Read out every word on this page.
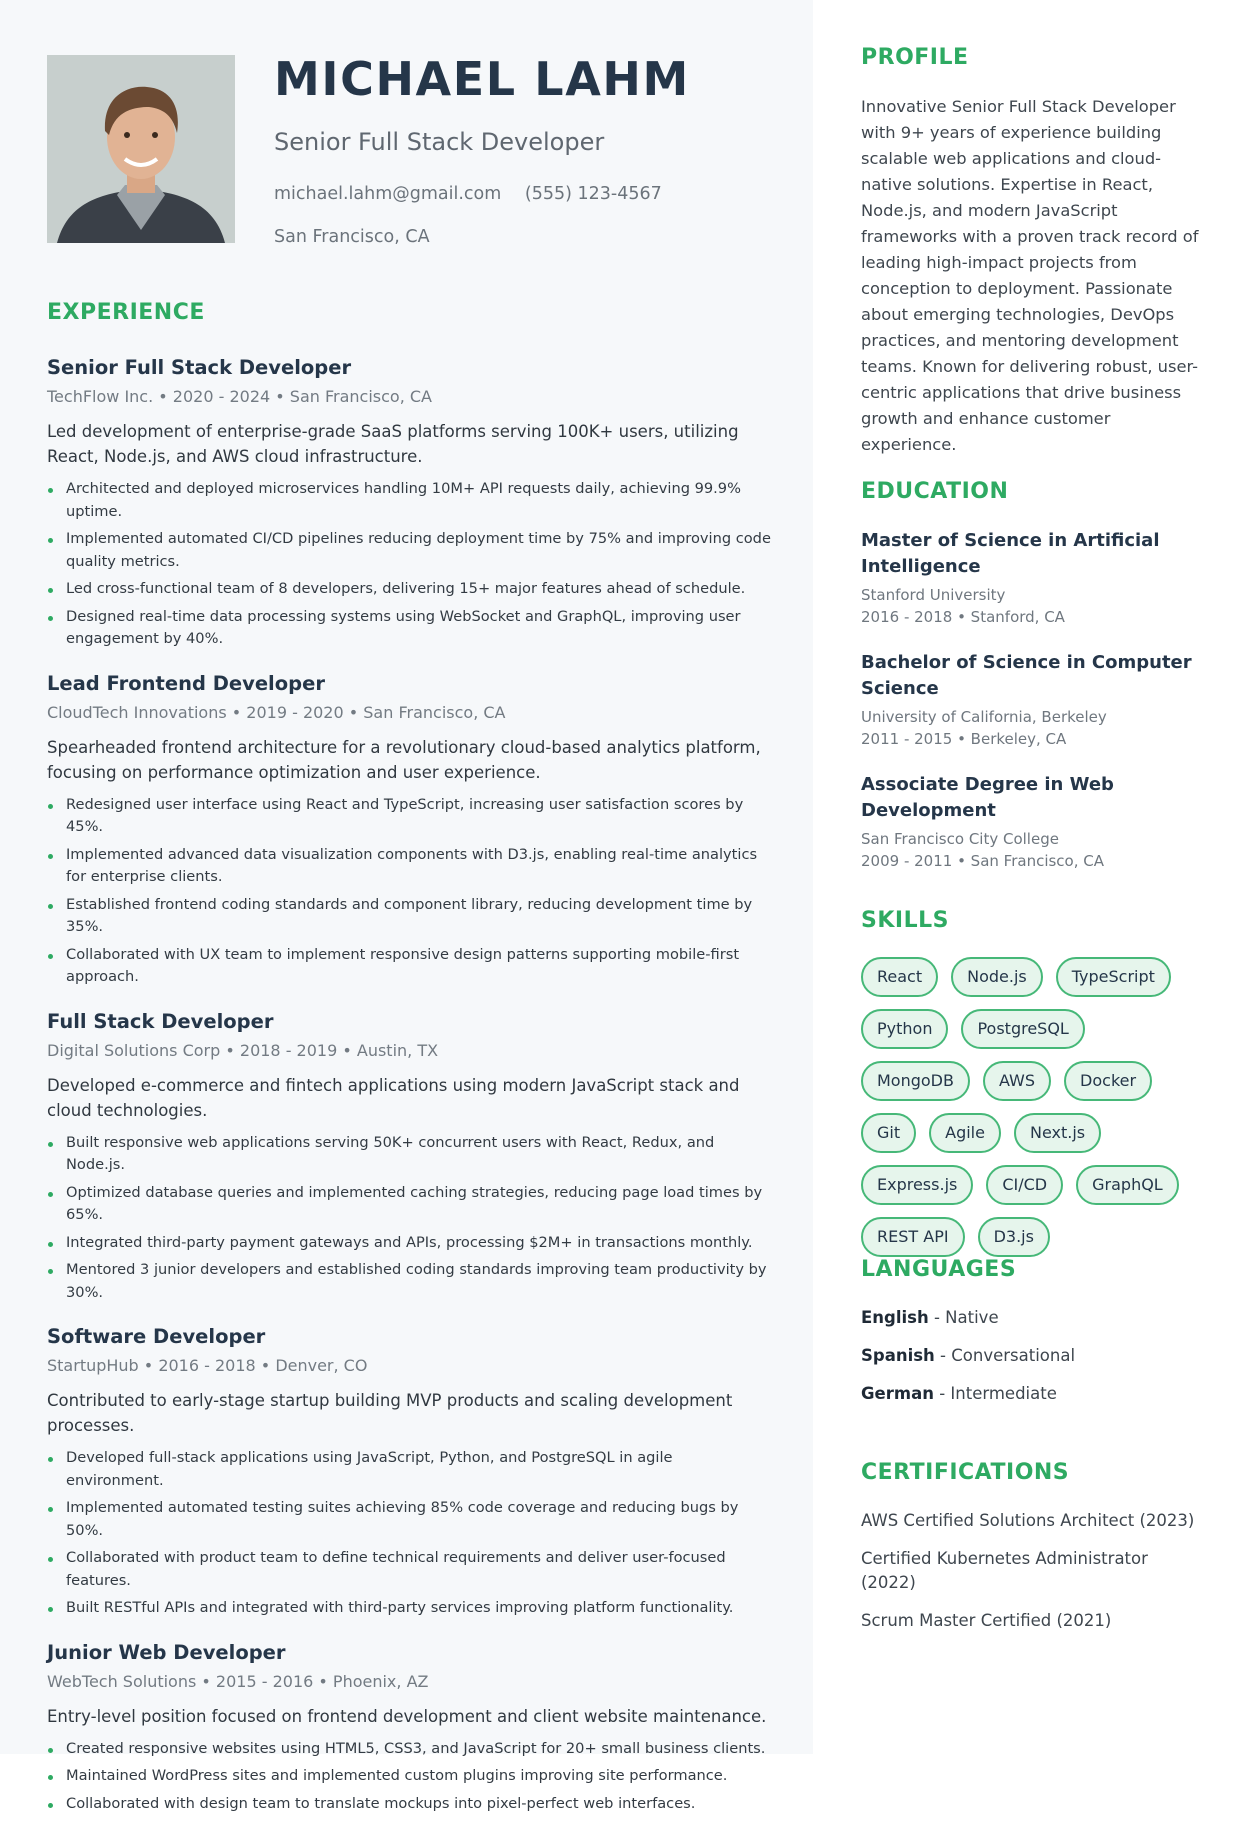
MICHAEL LAHM
Senior Full Stack Developer
michael.lahm@gmail.com (555) 123-4567
San Francisco, CA
EXPERIENCE
Senior Full Stack Developer
TechFlow Inc. • 2020 - 2024 • San Francisco, CA
Led development of enterprise-grade SaaS platforms serving 100K+ users, utilizing React, Node.js, and AWS cloud infrastructure.
Architected and deployed microservices handling 10M+ API requests daily, achieving 99.9% uptime.
Implemented automated CI/CD pipelines reducing deployment time by 75% and improving code quality metrics.
Led cross-functional team of 8 developers, delivering 15+ major features ahead of schedule.
Designed real-time data processing systems using WebSocket and GraphQL, improving user engagement by 40%.
Lead Frontend Developer
CloudTech Innovations • 2019 - 2020 • San Francisco, CA
Spearheaded frontend architecture for a revolutionary cloud-based analytics platform, focusing on performance optimization and user experience.
Redesigned user interface using React and TypeScript, increasing user satisfaction scores by 45%.
Implemented advanced data visualization components with D3.js, enabling real-time analytics for enterprise clients.
Established frontend coding standards and component library, reducing development time by 35%.
Collaborated with UX team to implement responsive design patterns supporting mobile-first approach.
Full Stack Developer
Digital Solutions Corp • 2018 - 2019 • Austin, TX
Developed e-commerce and fintech applications using modern JavaScript stack and cloud technologies.
Built responsive web applications serving 50K+ concurrent users with React, Redux, and Node.js.
Optimized database queries and implemented caching strategies, reducing page load times by 65%.
Integrated third-party payment gateways and APIs, processing $2M+ in transactions monthly.
Mentored 3 junior developers and established coding standards improving team productivity by 30%.
Software Developer
StartupHub • 2016 - 2018 • Denver, CO
Contributed to early-stage startup building MVP products and scaling development processes.
Developed full-stack applications using JavaScript, Python, and PostgreSQL in agile environment.
Implemented automated testing suites achieving 85% code coverage and reducing bugs by 50%.
Collaborated with product team to define technical requirements and deliver user-focused features.
Built RESTful APIs and integrated with third-party services improving platform functionality.
Junior Web Developer
WebTech Solutions • 2015 - 2016 • Phoenix, AZ
Entry-level position focused on frontend development and client website maintenance.
Created responsive websites using HTML5, CSS3, and JavaScript for 20+ small business clients.
Maintained WordPress sites and implemented custom plugins improving site performance.
Collaborated with design team to translate mockups into pixel-perfect web interfaces.
PROFILE
Innovative Senior Full Stack Developer with 9+ years of experience building scalable web applications and cloud-native solutions. Expertise in React, Node.js, and modern JavaScript frameworks with a proven track record of leading high-impact projects from conception to deployment. Passionate about emerging technologies, DevOps practices, and mentoring development teams. Known for delivering robust, user-centric applications that drive business growth and enhance customer experience.
EDUCATION
Master of Science in Artificial Intelligence
Stanford University
2016 - 2018 • Stanford, CA
Bachelor of Science in Computer Science
University of California, Berkeley
2011 - 2015 • Berkeley, CA
Associate Degree in Web Development
San Francisco City College
2009 - 2011 • San Francisco, CA
SKILLS
React	Node.js	TypeScript
Python	PostgreSQL
MongoDB	AWS	Docker
Git	Agile	Next.js
Express.js	CI/CD	GraphQL
REST API	D3.js
LANGUAGES
English - Native
Spanish - Conversational
German - Intermediate
CERTIFICATIONS
AWS Certified Solutions Architect (2023)
Certified Kubernetes Administrator (2022)
Scrum Master Certified (2021)
